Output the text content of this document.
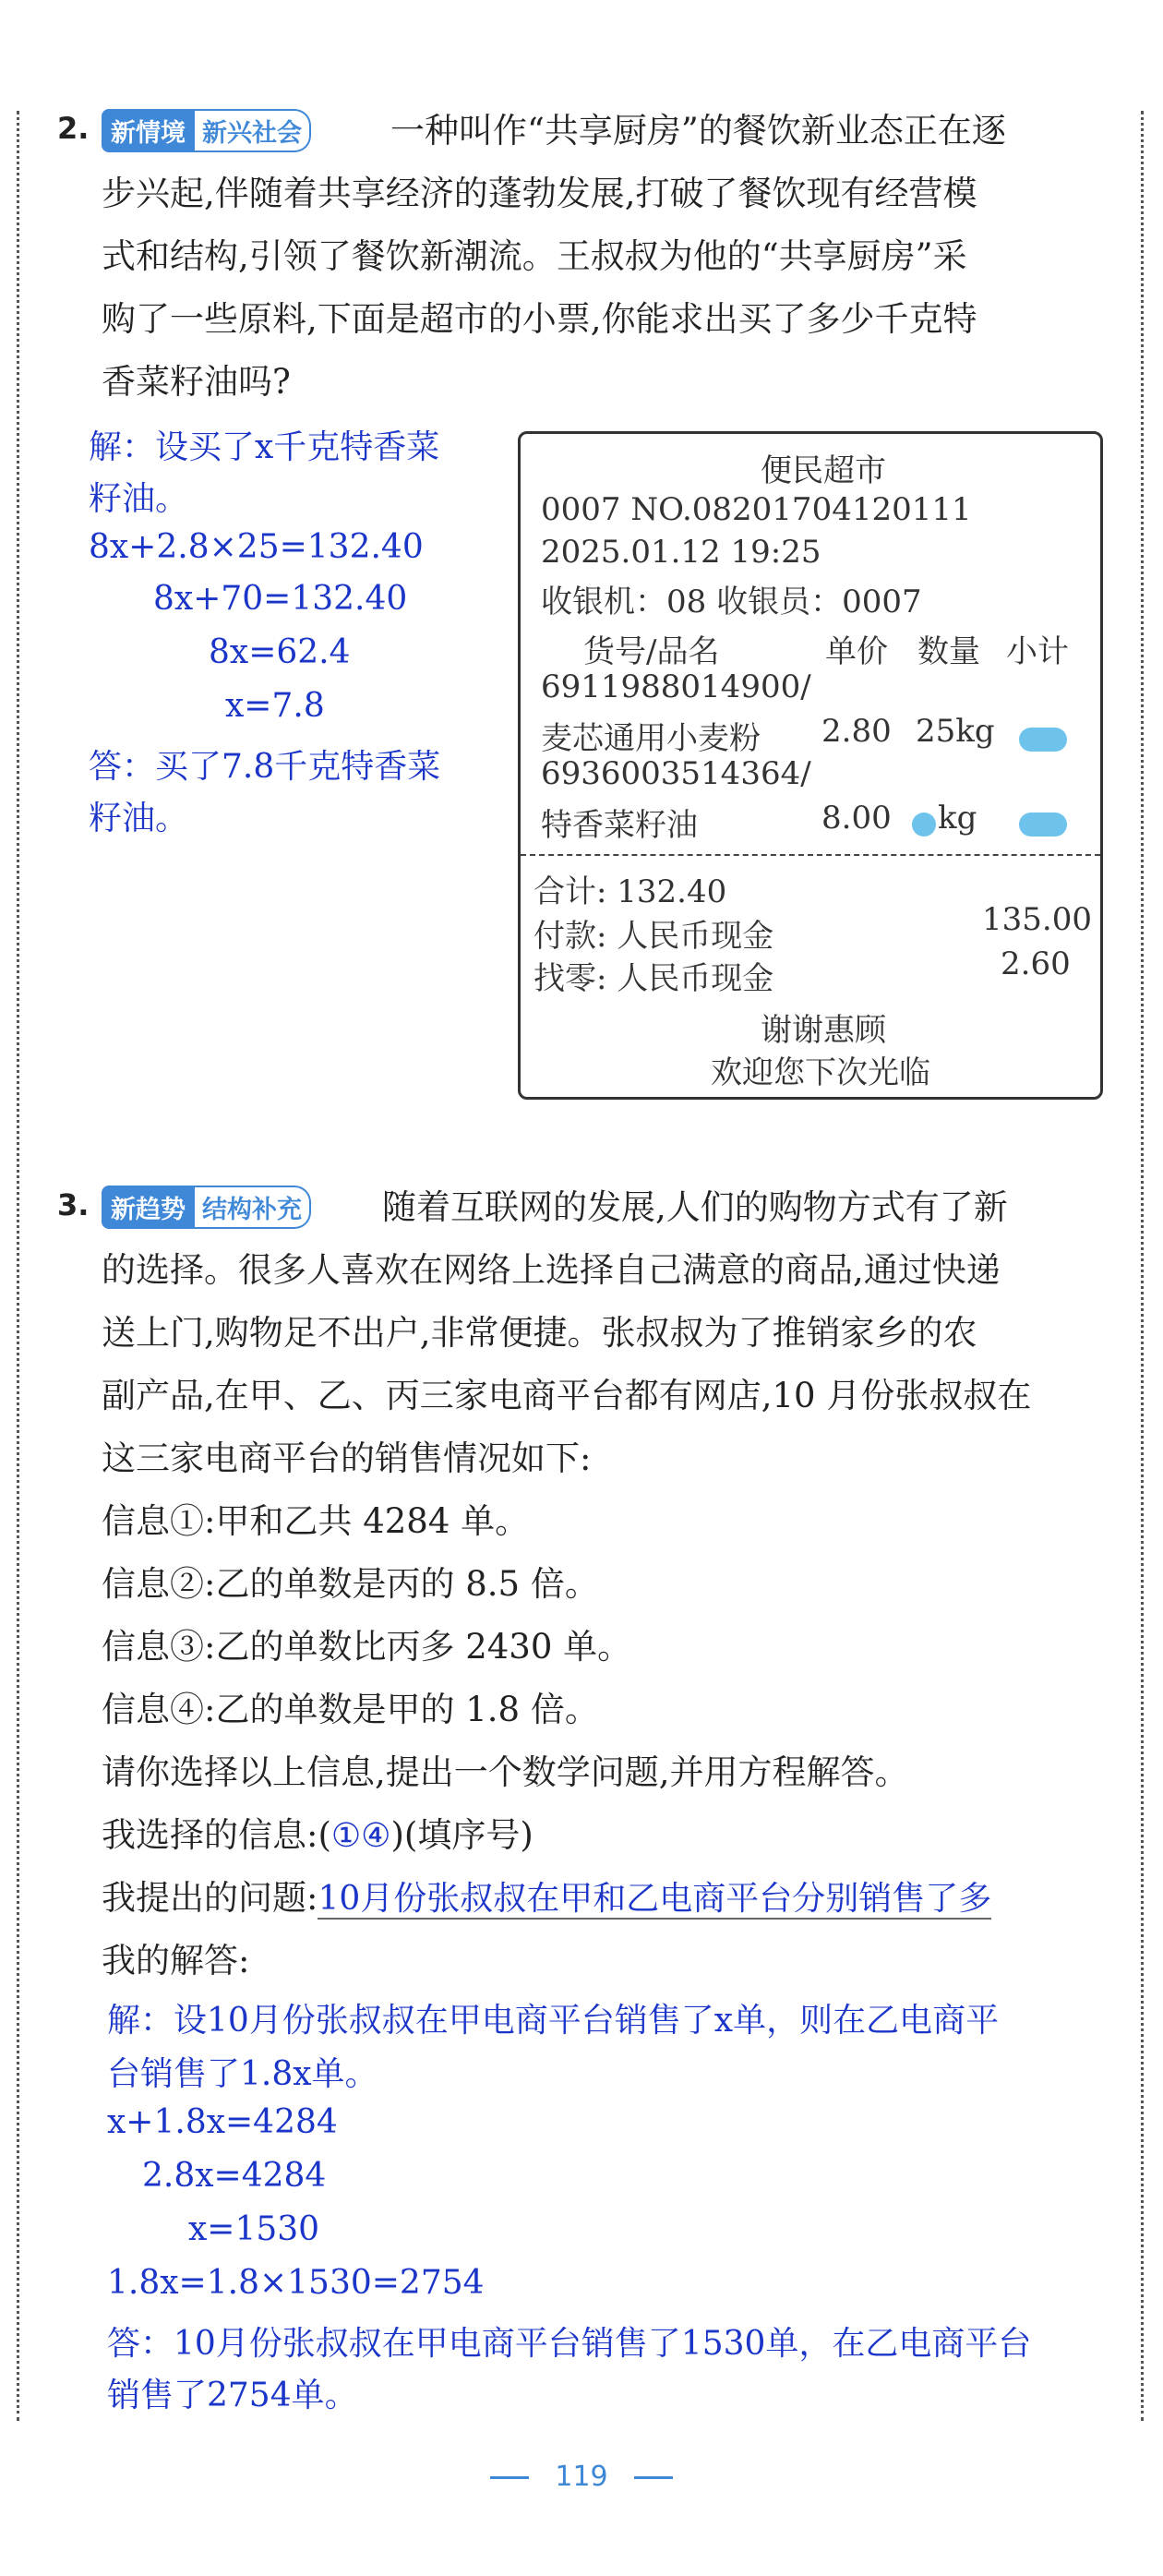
2. 新情境 新兴社会	一种叫作“共享厨房”的餐饮新业态正在逐
步兴起,伴随着共享经济的蓬勃发展,打破了餐饮现有经营模
式和结构,引领了餐饮新潮流。王叔叔为他的“共享厨房”采
购了一些原料,下面是超市的小票,你能求出买了多少千克特
香菜籽油吗?
解：设买了x千克特香菜
籽油。
8x+2.8×25=132.40
8x+70=132.40
8x=62.4
x=7.8
答：买了7.8千克特香菜
籽油。
便民超市
0007 NO.08201704120111
2025.01.12 19:25
收银机：08 收银员：0007
货号/品名	单价 数量 小计
6911988014900/
麦芯通用小麦粉 2.80 25kg
6936003514364/
特香菜籽油	8.00 kg
合计: 132.40
付款: 人民币现金	135.00
找零: 人民币现金	2.60
谢谢惠顾
欢迎您下次光临
3. 新趋势 结构补充 随着互联网的发展,人们的购物方式有了新
的选择。很多人喜欢在网络上选择自己满意的商品,通过快递
送上门,购物足不出户,非常便捷。张叔叔为了推销家乡的农
副产品,在甲、乙、丙三家电商平台都有网店,10 月份张叔叔在
这三家电商平台的销售情况如下:
信息①:甲和乙共 4284 单。
信息②:乙的单数是丙的 8.5 倍。
信息③:乙的单数比丙多 2430 单。
信息④:乙的单数是甲的 1.8 倍。
请你选择以上信息,提出一个数学问题,并用方程解答。
我选择的信息:(①④)(填序号)
我提出的问题:10月份张叔叔在甲和乙电商平台分别销售了多
我的解答:
解：设10月份张叔叔在甲电商平台销售了x单，则在乙电商平
台销售了1.8x单。
x+1.8x=4284
2.8x=4284
x=1530
1.8x=1.8×1530=2754
答：10月份张叔叔在甲电商平台销售了1530单，在乙电商平台
销售了2754单。
119
